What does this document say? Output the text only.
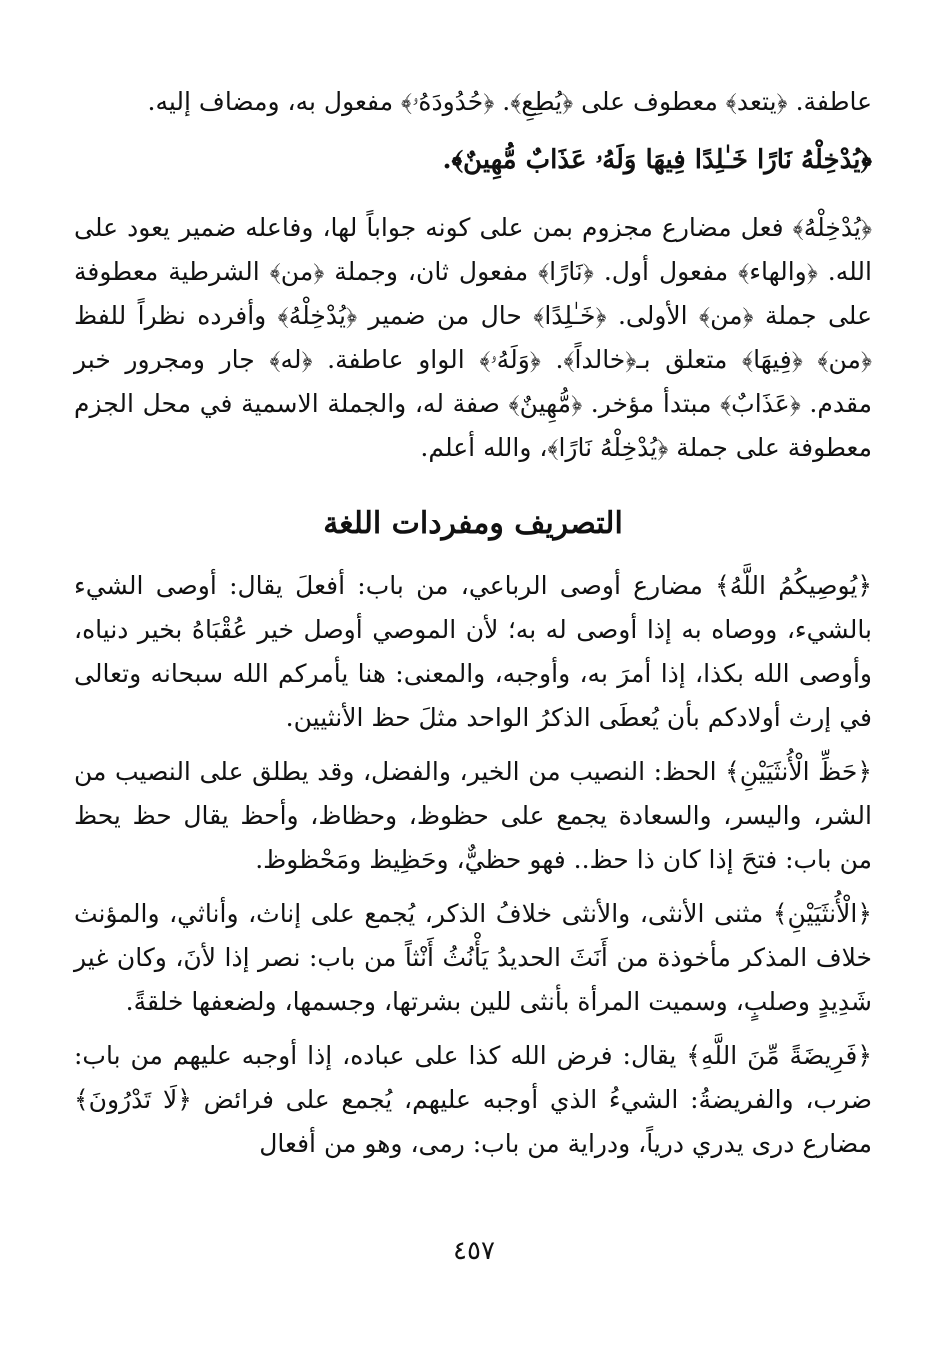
عاطفة. ﴿يتعد﴾ معطوف على ﴿يُطِعِ﴾. ﴿حُدُودَهُۥ﴾ مفعول به، ومضاف إليه.

﴿يُدْخِلْهُ نَارًا خَـٰلِدًا فِيهَا وَلَهُۥ عَذَابٌ مُّهِينٌ﴾.

﴿يُدْخِلْهُ﴾ فعل مضارع مجزوم بمن على كونه جواباً لها، وفاعله ضمير يعود على الله. ﴿والهاء﴾ مفعول أول. ﴿نَارًا﴾ مفعول ثان، وجملة ﴿من﴾ الشرطية معطوفة على جملة ﴿من﴾ الأولى. ﴿خَـٰلِدًا﴾ حال من ضمير ﴿يُدْخِلْهُ﴾ وأفرده نظراً للفظ ﴿من﴾ ﴿فِيهَا﴾ متعلق بـ﴿خالداً﴾. ﴿وَلَهُۥ﴾ الواو عاطفة. ﴿له﴾ جار ومجرور خبر مقدم. ﴿عَذَابٌ﴾ مبتدأ مؤخر. ﴿مُّهِينٌ﴾ صفة له، والجملة الاسمية في محل الجزم معطوفة على جملة ﴿يُدْخِلْهُ نَارًا﴾، والله أعلم.

التصريف ومفردات اللغة

﴿يُوصِيكُمُ اللَّهُ﴾ مضارع أوصى الرباعي، من باب: أفعلَ يقال: أوصى الشيء بالشيء، ووصاه به إذا أوصى له به؛ لأن الموصي أوصل خير عُقْبَاهُ بخير دنياه، وأوصى الله بكذا، إذا أمرَ به، وأوجبه، والمعنى: هنا يأمركم الله سبحانه وتعالى في إرث أولادكم بأن يُعطَى الذكرُ الواحد مثلَ حظ الأنثيين.

﴿حَظِّ الْأُنثَيَيْنِ﴾ الحظ: النصيب من الخير، والفضل، وقد يطلق على النصيب من الشر، واليسر، والسعادة يجمع على حظوظ، وحظاظ، وأحظ يقال حظ يحظ من باب: فتحَ إذا كان ذا حظ.. فهو حظيٌّ، وحَظِيظ ومَحْظوظ.

﴿الْأُنثَيَيْنِ﴾ مثنى الأنثى، والأنثى خلافُ الذكر، يُجمع على إناث، وأناثي، والمؤنث خلاف المذكر مأخوذة من أَنَثَ الحديدُ يَأْنُثُ أَنْثاً من باب: نصر إذا لأنَ، وكان غير شَدِيدٍ وصلبٍ، وسميت المرأة بأنثى للين بشرتها، وجسمها، ولضعفها خلقةً.

﴿فَرِيضَةً مِّنَ اللَّهِ﴾ يقال: فرض الله كذا على عباده، إذا أوجبه عليهم من باب: ضرب، والفريضةُ: الشيءُ الذي أوجبه عليهم، يُجمع على فرائض ﴿لَا تَدْرُونَ﴾ مضارع درى يدري درياً، ودراية من باب: رمى، وهو من أفعال

٤٥٧
